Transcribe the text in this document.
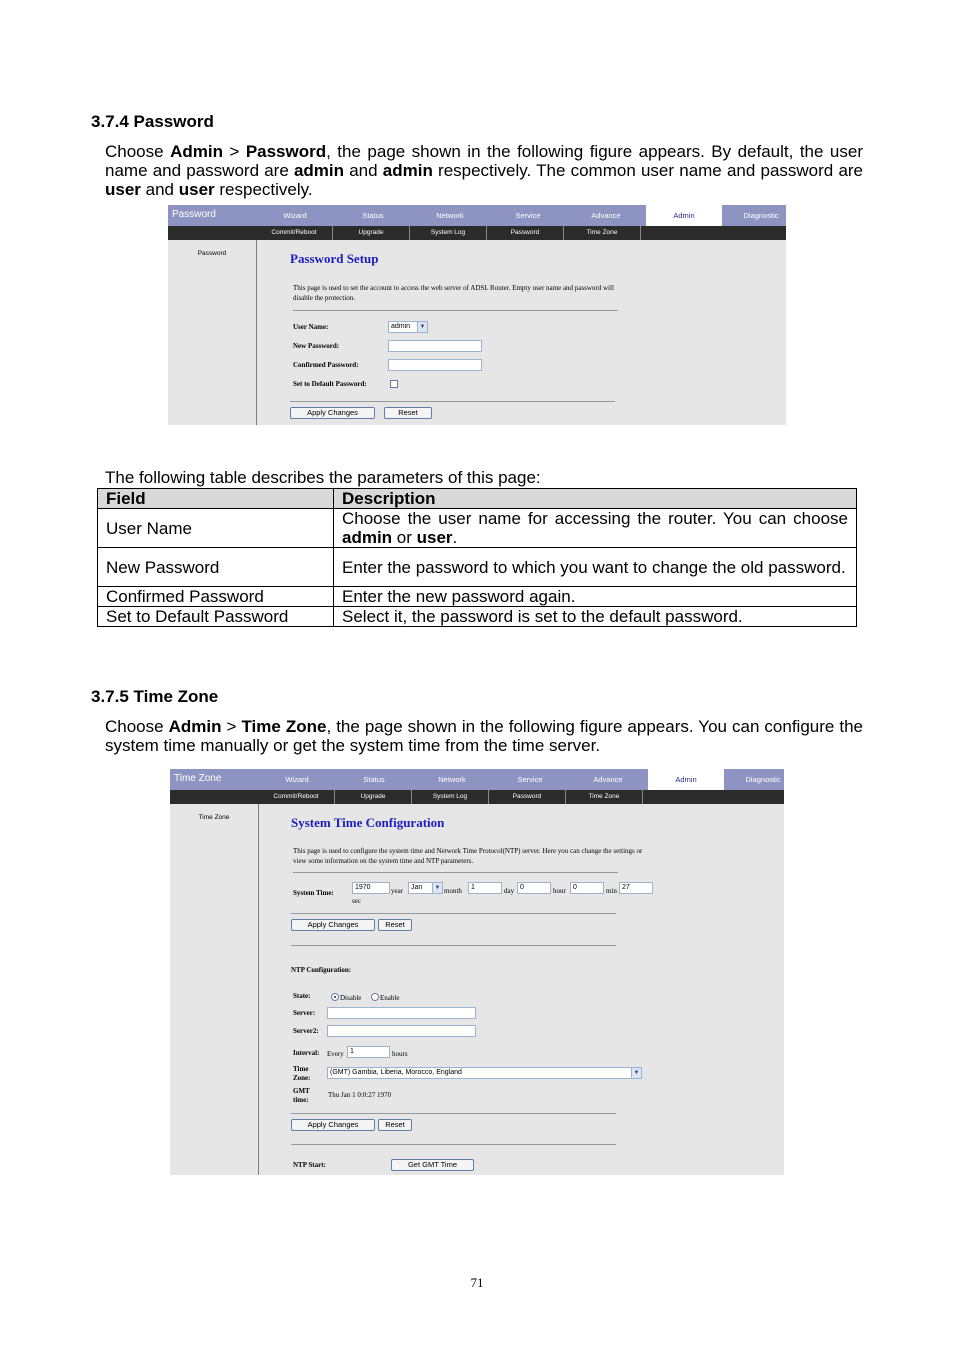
3.7.4 Password
Choose Admin > Password, the page shown in the following figure appears. By default, the user name and password are admin and admin respectively. The common user name and password are user and user respectively.
Password	Wizard	Status	Network	Service	Advance	Admin	Diagnostic
Commit/Reboot	Upgrade	System Log	Password	Time Zone
Password	Password Setup
This page is used to set the account to access the web server of ADSL Router. Empty user name and password will disable the protection.
User Name:	admin	▼
New Password:
Confirmed Password:
Set to Default Password:
Apply Changes	Reset
The following table describes the parameters of this page:
Field	Description
User Name	Choose the user name for accessing the router. You can choose admin or user.
New Password	Enter the password to which you want to change the old password.
Confirmed Password	Enter the new password again.
Set to Default Password	Select it, the password is set to the default password.
3.7.5 Time Zone
Choose Admin > Time Zone, the page shown in the following figure appears. You can configure the system time manually or get the system time from the time server.
Time Zone	Wizard	Status	Network	Service	Advance	Admin	Diagnostic
Commit/Reboot	Upgrade	System Log	Password	Time Zone
Time Zone	System Time Configuration
This page is used to configure the system time and Network Time Protocol(NTP) server. Here you can change the settings or view some information on the system time and NTP parameters.
System Time:
1970	year	Jan	▼ month	1	day 0	hour	0	min 27
sec
Apply Changes	Reset
NTP Configuration:
State:	Disable	Enable
Server:
Server2:
Interval: Every 1	hours
Time
Zone:
(GMT) Gambia, Liberia, Morocco, England	▼
GMT
time:
Thu Jan 1 0:0:27 1970
Apply Changes	Reset
NTP Start:	Get GMT Time
71
